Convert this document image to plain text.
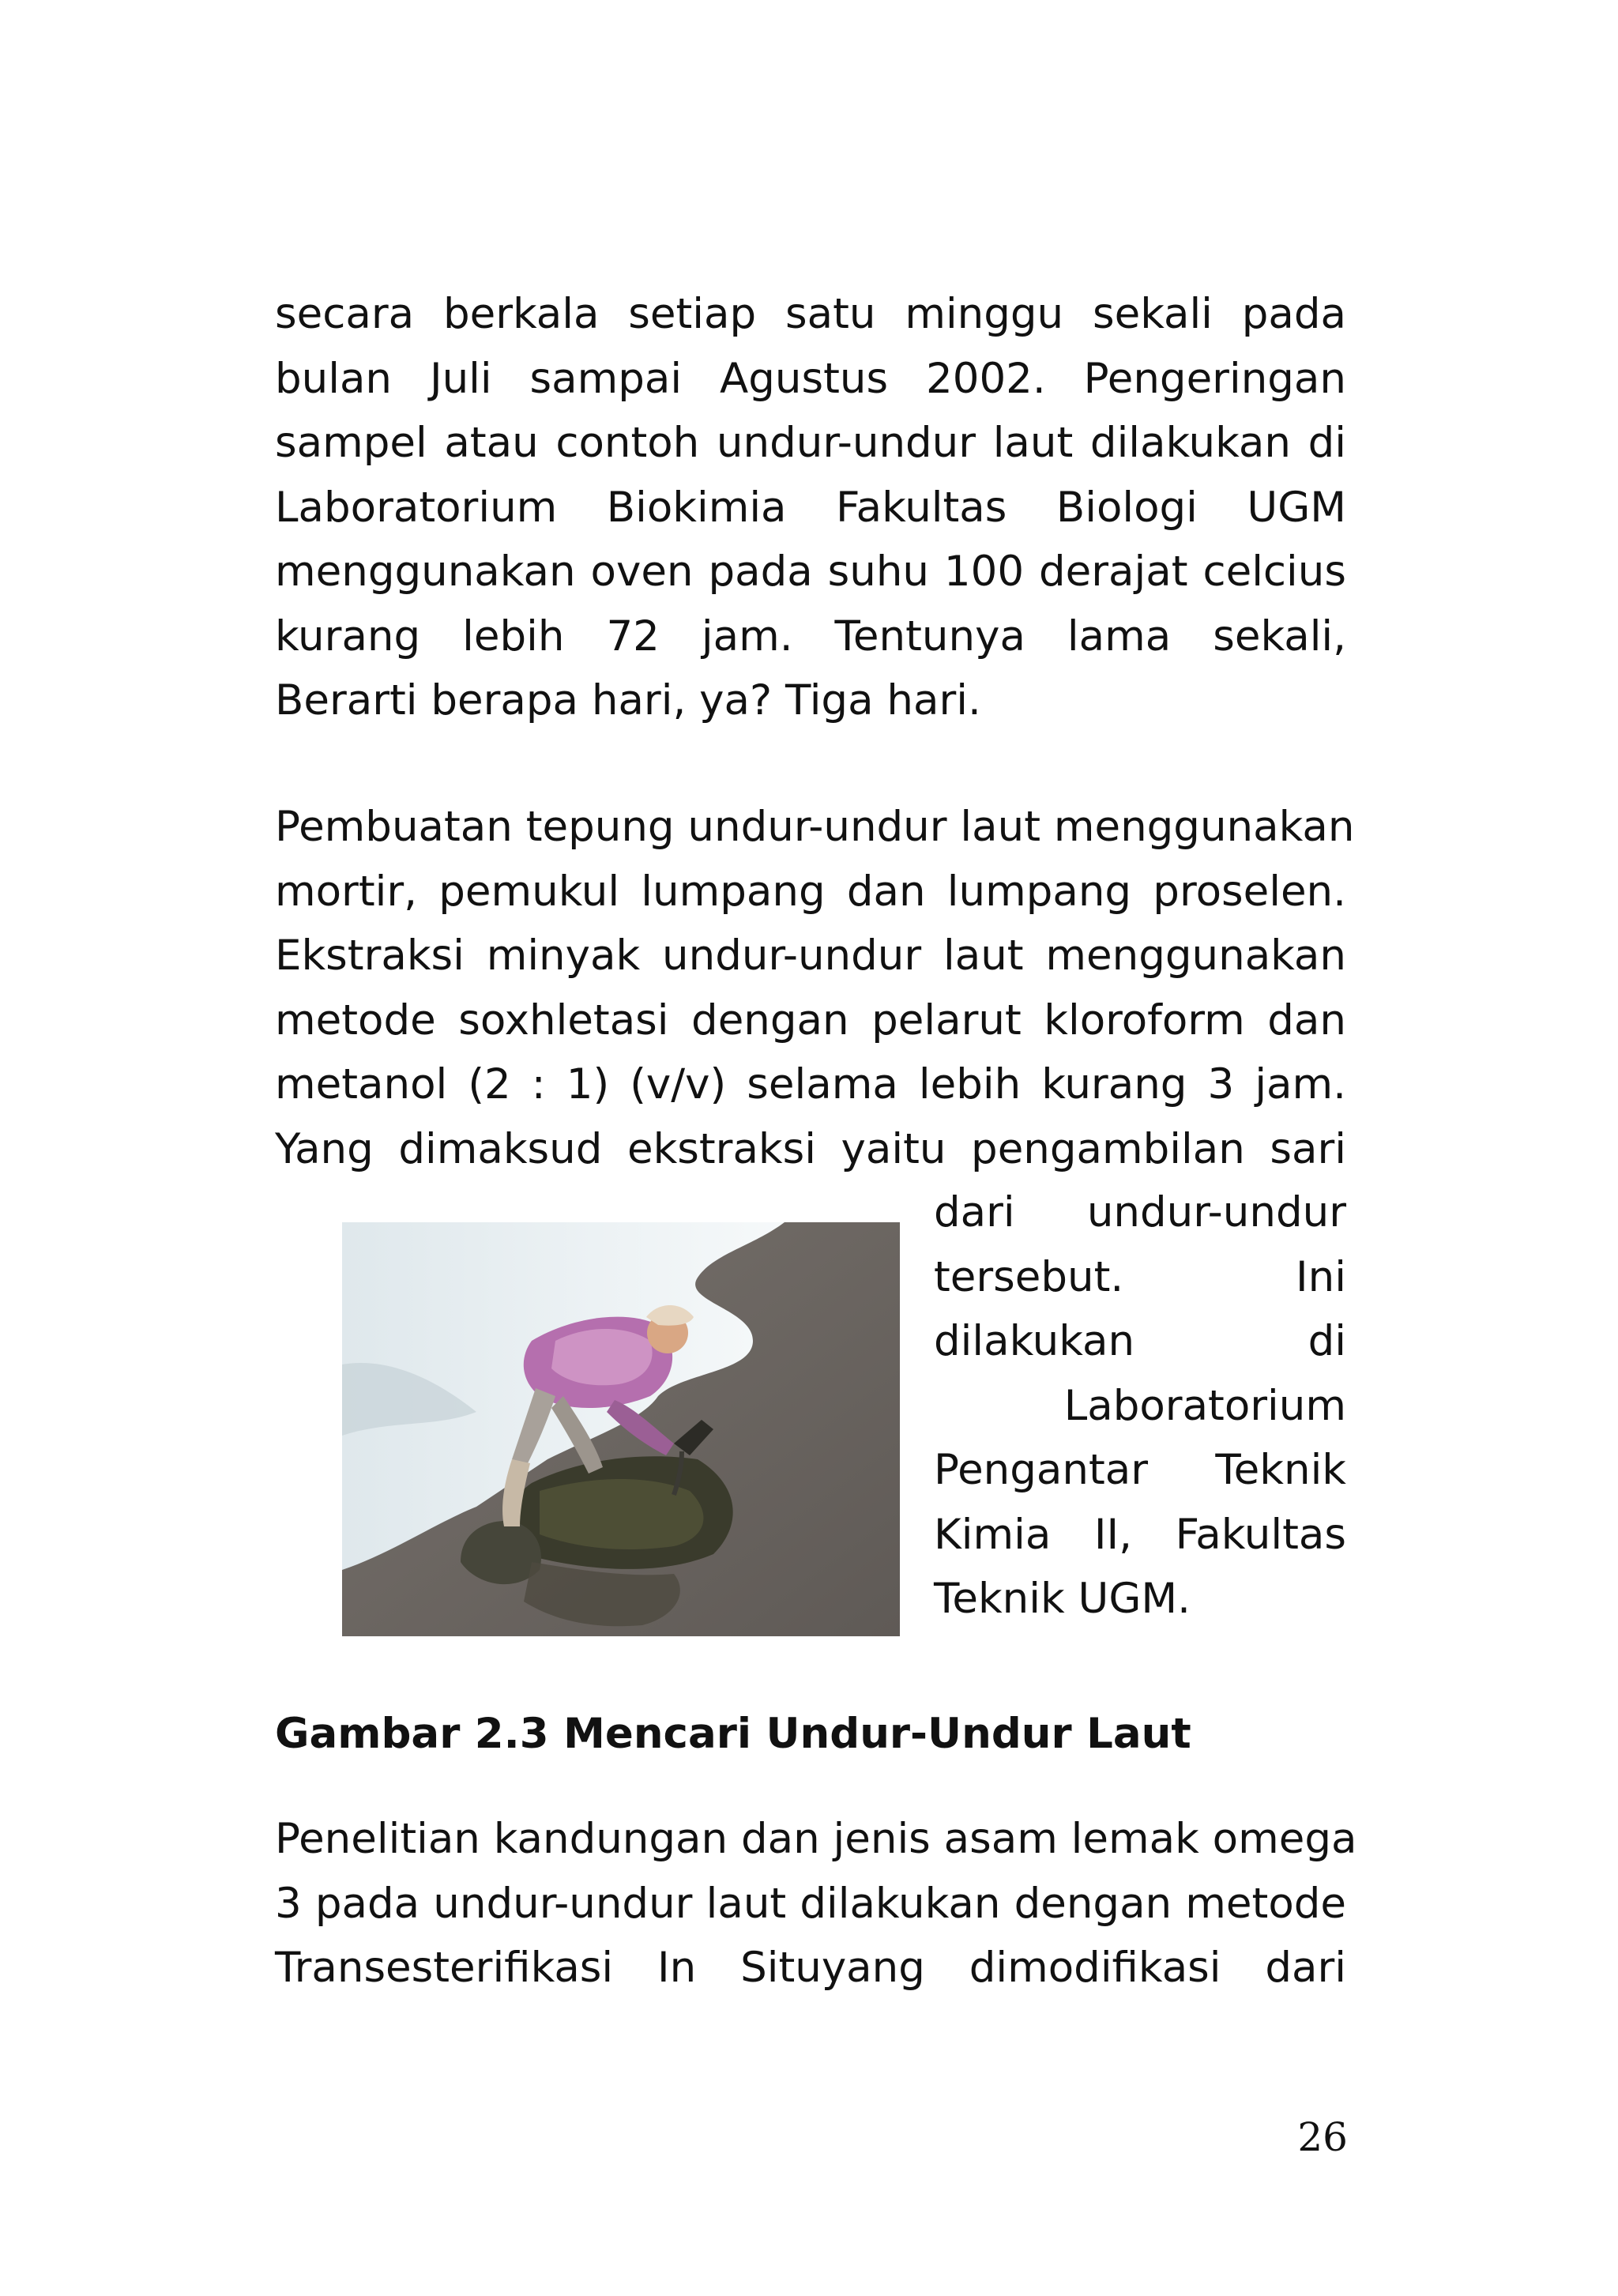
secara berkala setiap satu minggu sekali pada
bulan Juli sampai Agustus 2002. Pengeringan
sampel atau contoh undur-undur laut dilakukan di
Laboratorium Biokimia Fakultas Biologi UGM
menggunakan oven pada suhu 100 derajat celcius
kurang lebih 72 jam. Tentunya lama sekali,
Berarti berapa hari, ya? Tiga hari.
Pembuatan tepung undur-undur laut menggunakan
mortir, pemukul lumpang dan lumpang proselen.
Ekstraksi minyak undur-undur laut menggunakan
metode soxhletasi dengan pelarut kloroform dan
metanol (2 : 1) (v/v) selama lebih kurang 3 jam.
Yang dimaksud ekstraksi yaitu pengambilan sari
dari undur-undur
tersebut. Ini
dilakukan di
Laboratorium
Pengantar Teknik
Kimia II, Fakultas
Teknik UGM.
Gambar 2.3 Mencari Undur-Undur Laut
Penelitian kandungan dan jenis asam lemak omega
3 pada undur-undur laut dilakukan dengan metode
Transesterifikasi In Situyang dimodifikasi dari
26
